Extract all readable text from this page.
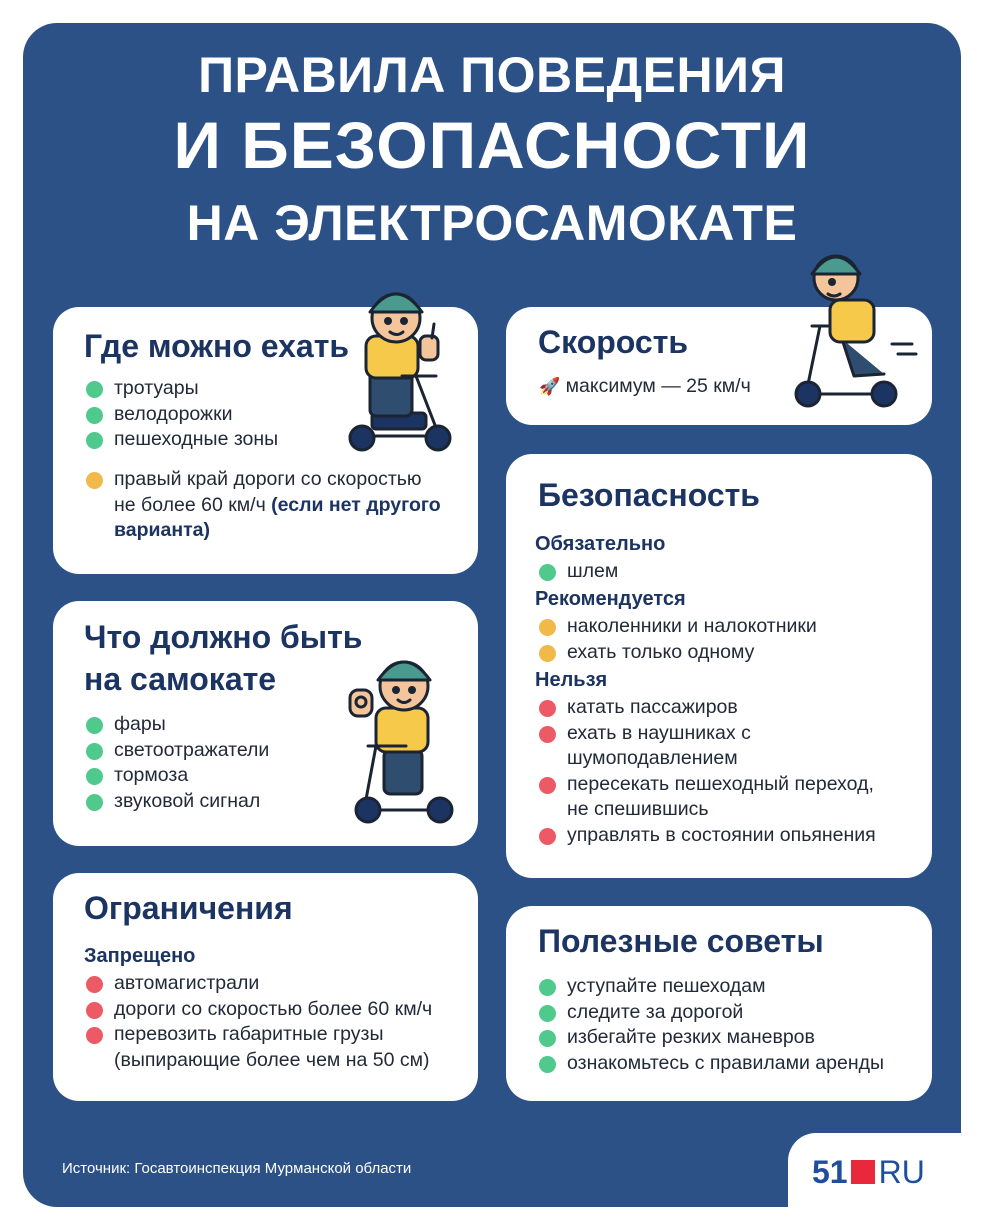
ПРАВИЛА ПОВЕДЕНИЯ
И БЕЗОПАСНОСТИ
НА ЭЛЕКТРОСАМОКАТЕ
Где можно ехать
тротуары
велодорожки
пешеходные зоны
правый край дороги со скоростью не более 60 км/ч (если нет другого варианта)
Скорость
🚀 максимум — 25 км/ч
Что должно быть
на самокате
фары
светоотражатели
тормоза
звуковой сигнал
Безопасность
Обязательно
шлем
Рекомендуется
наколенники и налокотники
ехать только одному
Нельзя
катать пассажиров
ехать в наушниках с шумоподавлением
пересекать пешеходный переход, не спешившись
управлять в состоянии опьянения
Ограничения
Запрещено
автомагистрали
дороги со скоростью более 60 км/ч
перевозить габаритные грузы (выпирающие более чем на 50 см)
Полезные советы
уступайте пешеходам
следите за дорогой
избегайте резких маневров
ознакомьтесь с правилами аренды
Источник: Госавтоинспекция Мурманской области	51 RU
